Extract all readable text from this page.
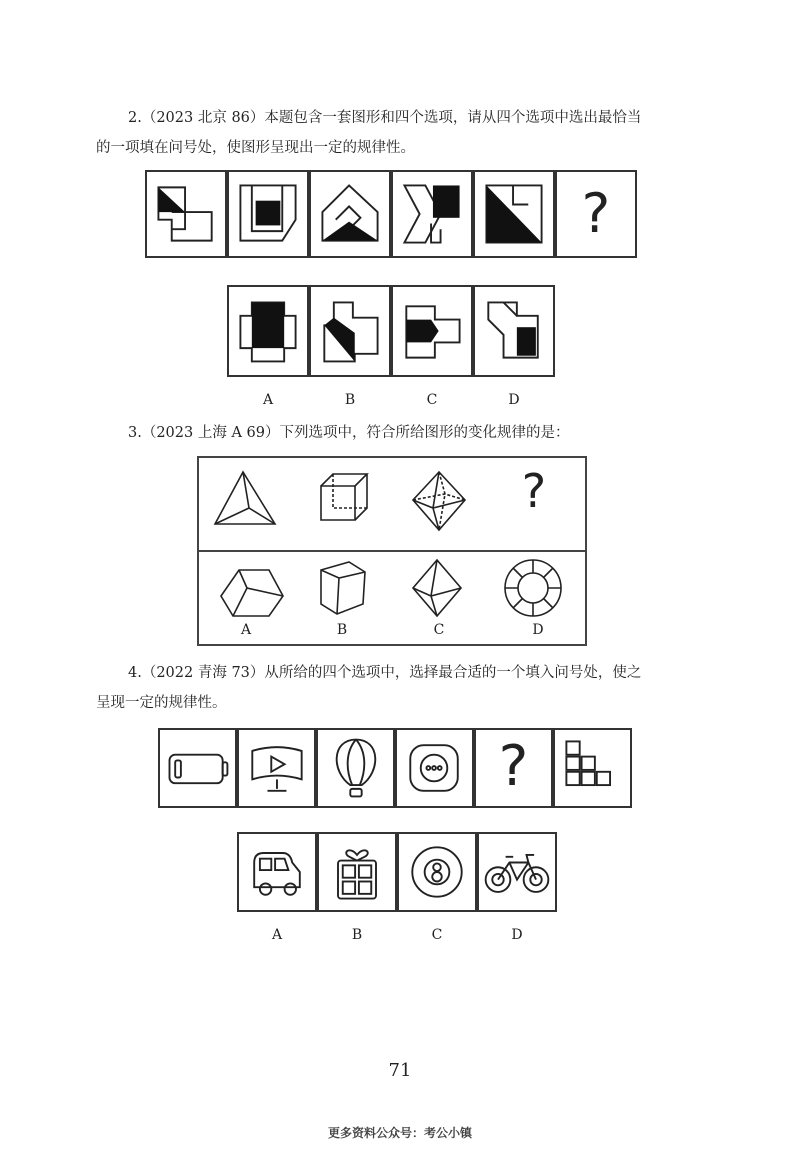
2.（2023 北京 86）本题包含一套图形和四个选项，请从四个选项中选出最恰当
的一项填在问号处，使图形呈现出一定的规律性。
?
A	B	C	D
3.（2023 上海 A 69）下列选项中，符合所给图形的变化规律的是：
?
A	B	C	D
4.（2022 青海 73）从所给的四个选项中，选择最合适的一个填入问号处，使之
呈现一定的规律性。
?
A	B	C	D
71
更多资料公众号：考公小镇
